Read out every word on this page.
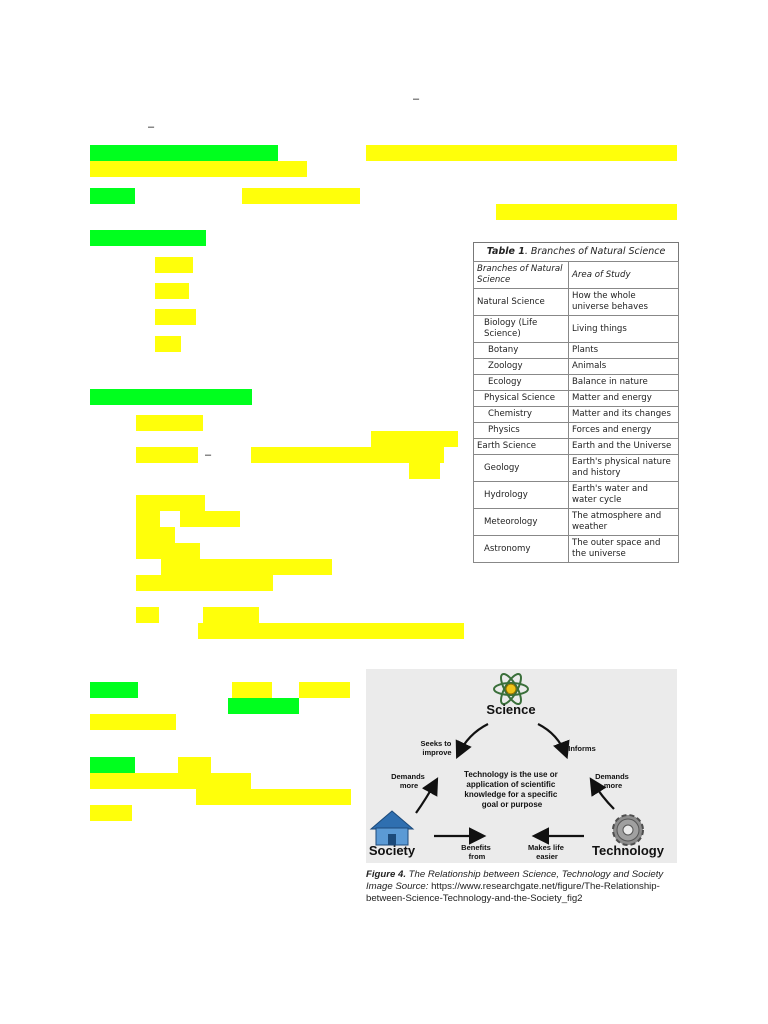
–
–
–
Table 1. Branches of Natural Science
Branches of Natural Science	Area of Study
Natural Science	How the whole universe behaves
Biology (Life Science)	Living things
Botany	Plants
Zoology	Animals
Ecology	Balance in nature
Physical Science	Matter and energy
Chemistry	Matter and its changes
Physics	Forces and energy
Earth Science	Earth and the Universe
Geology	Earth's physical nature and history
Hydrology	Earth's water and water cycle
Meteorology	The atmosphere and weather
Astronomy	The outer space and the universe
Science
Society	Technology
Seeks to improve	Informs
Demands more
Demands more
Benefits from
Makes life easier
Technology is the use or application of scientific knowledge for a specific goal or purpose
Figure 4. The Relationship between Science, Technology and Society
Image Source: https://www.researchgate.net/figure/The-Relationship-between-Science-Technology-and-the-Society_fig2
